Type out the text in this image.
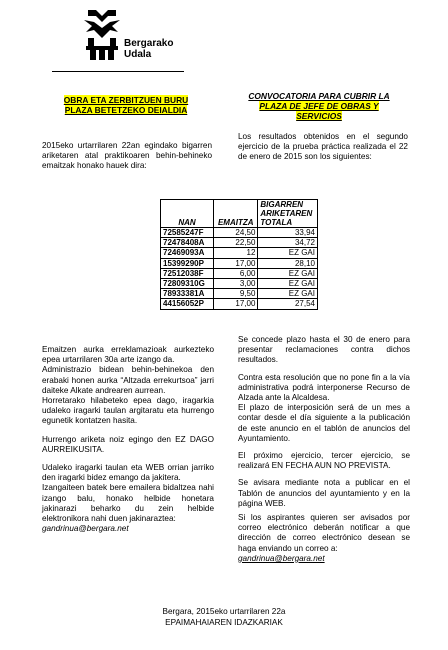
Bergarako
Udala
OBRA ETA ZERBITZUEN BURU
PLAZA BETETZEKO DEIALDIA
CONVOCATORIA PARA CUBRIR LA
PLAZA DE JEFE DE OBRAS Y
SERVICIOS

2015eko urtarrilaren 22an egindako bigarren ariketaren atal praktikoaren behin-behineko emaitzak honako hauek dira:

Los resultados obtenidos en el segundo ejercicio de la prueba práctica realizada el 22 de enero de 2015 son los siguientes:

NAN	EMAITZA	BIGARREN ARIKETAREN TOTALA
72585247F	24,50	33,94
72478408A	22,50	34,72
72469093A	12	EZ GAI
15399290P	17,00	28,10
72512038F	6,00	EZ GAI
72809310G	3,00	EZ GAI
78933381A	9,50	EZ GAI
44156052P	17,00	27,54

Emaitzen aurka erreklamazioak aurkezteko epea urtarrilaren 30a arte izango da.

Administrazio bidean behin-behinekoa den erabaki honen aurka “Altzada errekurtsoa” jarri daiteke Alkate andrearen aurrean.

Horretarako hilabeteko epea dago, iragarkia udaleko iragarki taulan argitaratu eta hurrengo egunetik kontatzen hasita.

Hurrengo ariketa noiz egingo den EZ DAGO AURREIKUSITA.

Udaleko iragarki taulan eta WEB orrian jarriko den iragarki bidez emango da jakitera.

Izangaiteen batek bere emailera bidaltzea nahi izango balu, honako helbide honetara jakinarazi beharko du zein helbide elektronikora nahi duen jakinaraztea:

gandrinua@bergara.net

Se concede plazo hasta el 30 de enero para presentar reclamaciones contra dichos resultados.

Contra esta resolución que no pone fin a la vía administrativa podrá interponerse Recurso de Alzada ante la Alcaldesa.

El plazo de interposición será de un mes a contar desde el día siguiente a la publicación de este anuncio en el tablón de anuncios del Ayuntamiento.

El próximo ejercicio, tercer ejercicio, se realizará EN FECHA AUN NO PREVISTA.

Se avisara mediante nota a publicar en el Tablón de anuncios del ayuntamiento y en la página WEB.

Si los aspirantes quieren ser avisados por correo electrónico deberán notificar a que dirección de correo electrónico desean se haga enviando un correo a:

gandrinua@bergara.net

Bergara, 2015eko urtarrilaren 22a
EPAIMAHAIAREN IDAZKARIAK
